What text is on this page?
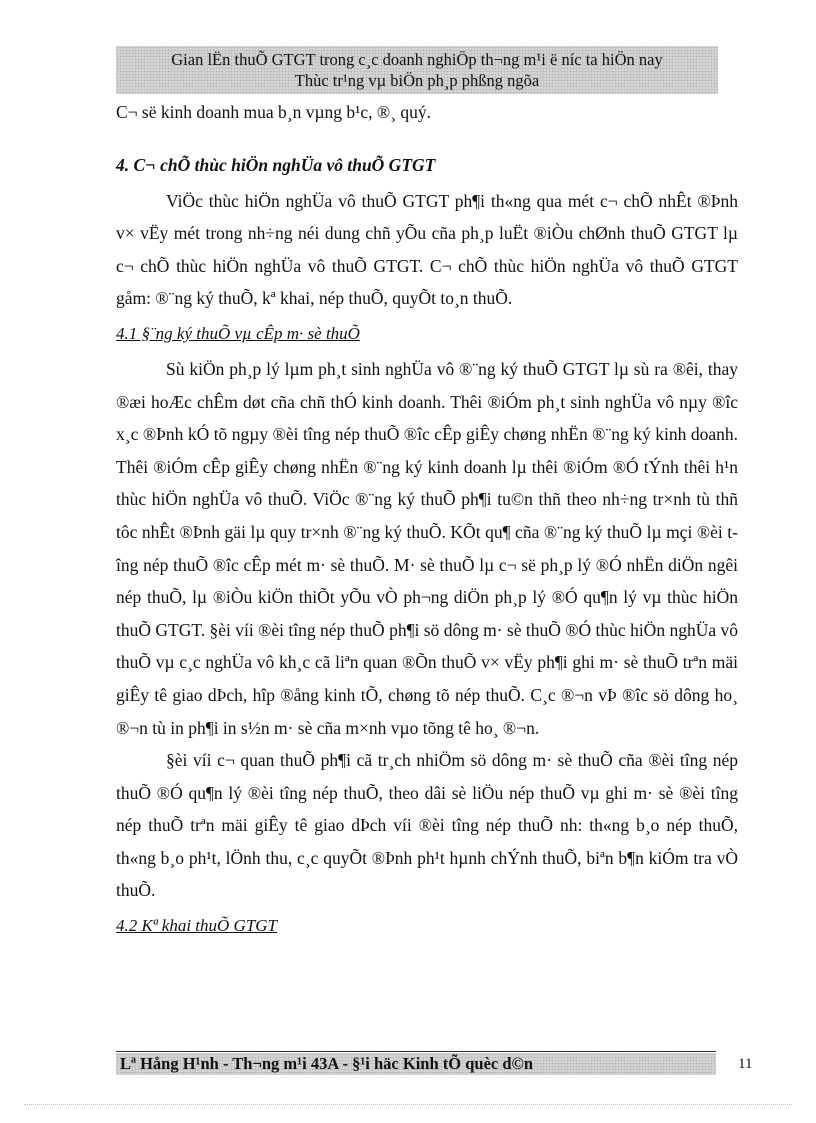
Gian lËn thuÕ GTGT trong c¸c doanh nghiÖp th¬ng m¹i ë níc ta hiÖn nay
Thùc tr¹ng vµ biÖn ph¸p phßng ngõa

C¬ së kinh doanh mua b¸n vµng b¹c, ®¸ quý.

4. C¬ chÕ thùc hiÖn nghÜa vô thuÕ GTGT

ViÖc thùc hiÖn nghÜa vô thuÕ GTGT ph¶i th«ng qua mét c¬ chÕ nhÊt ®Þnh v× vËy mét trong nh÷ng néi dung chñ yÕu cña ph¸p luËt ®iÒu chØnh thuÕ GTGT lµ c¬ chÕ thùc hiÖn nghÜa vô thuÕ GTGT. C¬ chÕ thùc hiÖn nghÜa vô thuÕ GTGT gåm: ®¨ng ký thuÕ, kª khai, nép thuÕ, quyÕt to¸n thuÕ.

4.1 §¨ng ký thuÕ vµ cÊp m· sè thuÕ

Sù kiÖn ph¸p lý lµm ph¸t sinh nghÜa vô ®¨ng ký thuÕ GTGT lµ sù ra ®êi, thay ®æi hoÆc chÊm døt cña chñ thÓ kinh doanh. Thêi ®iÓm ph¸t sinh nghÜa vô nµy ®îc x¸c ®Þnh kÓ tõ ngµy ®èi tîng nép thuÕ ®îc cÊp giÊy chøng nhËn ®¨ng ký kinh doanh. Thêi ®iÓm cÊp giÊy chøng nhËn ®¨ng ký kinh doanh lµ thêi ®iÓm ®Ó tÝnh thêi h¹n thùc hiÖn nghÜa vô thuÕ. ViÖc ®¨ng ký thuÕ ph¶i tu©n thñ theo nh÷ng tr×nh tù thñ tôc nhÊt ®Þnh gäi lµ quy tr×nh ®¨ng ký thuÕ. KÕt qu¶ cña ®¨ng ký thuÕ lµ mçi ®èi tîng nép thuÕ ®îc cÊp mét m· sè thuÕ. M· sè thuÕ lµ c¬ së ph¸p lý ®Ó nhËn diÖn ngêi nép thuÕ, lµ ®iÒu kiÖn thiÕt yÕu vÒ ph¬ng diÖn ph¸p lý ®Ó qu¶n lý vµ thùc hiÖn thuÕ GTGT. §èi víi ®èi tîng nép thuÕ ph¶i sö dông m· sè thuÕ ®Ó thùc hiÖn nghÜa vô thuÕ vµ c¸c nghÜa vô kh¸c cã liªn quan ®Õn thuÕ v× vËy ph¶i ghi m· sè thuÕ trªn mäi giÊy tê giao dÞch, hîp ®ång kinh tÕ, chøng tõ nép thuÕ. C¸c ®¬n vÞ ®îc sö dông ho¸ ®¬n tù in ph¶i in s½n m· sè cña m×nh vµo tõng tê ho¸ ®¬n.

§èi víi c¬ quan thuÕ ph¶i cã tr¸ch nhiÖm sö dông m· sè thuÕ cña ®èi tîng nép thuÕ ®Ó qu¶n lý ®èi tîng nép thuÕ, theo dâi sè liÖu nép thuÕ vµ ghi m· sè ®èi tîng nép thuÕ trªn mäi giÊy tê giao dÞch víi ®èi tîng nép thuÕ nh: th«ng b¸o nép thuÕ, th«ng b¸o ph¹t, lÖnh thu, c¸c quyÕt ®Þnh ph¹t hµnh chÝnh thuÕ, biªn b¶n kiÓm tra vÒ thuÕ.

4.2 Kª khai thuÕ GTGT
Lª Hång H¹nh - Th¬ng m¹i 43A - §¹i häc Kinh tÕ quèc d©n	11
